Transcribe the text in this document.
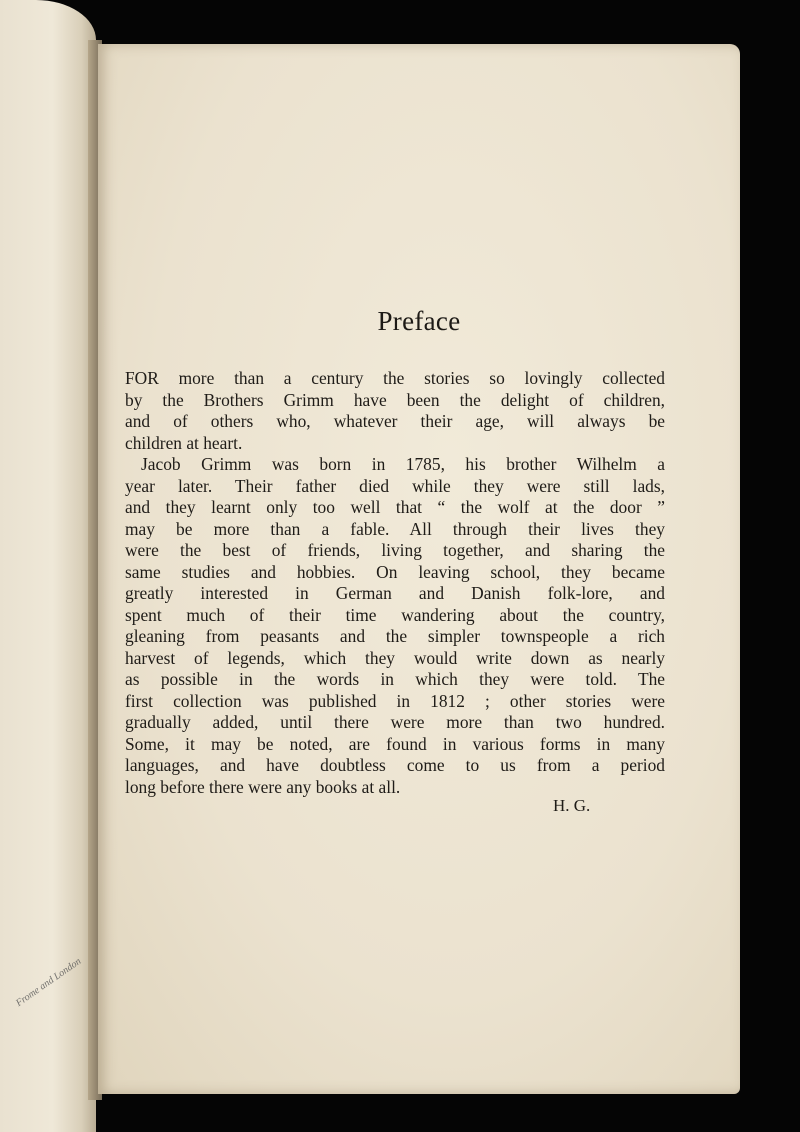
Frome and London
Preface
FOR more than a century the stories so lovingly collected
by the Brothers Grimm have been the delight of children,
and of others who, whatever their age, will always be
children at heart.
Jacob Grimm was born in 1785, his brother Wilhelm a
year later. Their father died while they were still lads,
and they learnt only too well that “ the wolf at the door ”
may be more than a fable. All through their lives they
were the best of friends, living together, and sharing the
same studies and hobbies. On leaving school, they became
greatly interested in German and Danish folk-lore, and
spent much of their time wandering about the country,
gleaning from peasants and the simpler townspeople a rich
harvest of legends, which they would write down as nearly
as possible in the words in which they were told. The
first collection was published in 1812 ; other stories were
gradually added, until there were more than two hundred.
Some, it may be noted, are found in various forms in many
languages, and have doubtless come to us from a period
long before there were any books at all.
H. G.
